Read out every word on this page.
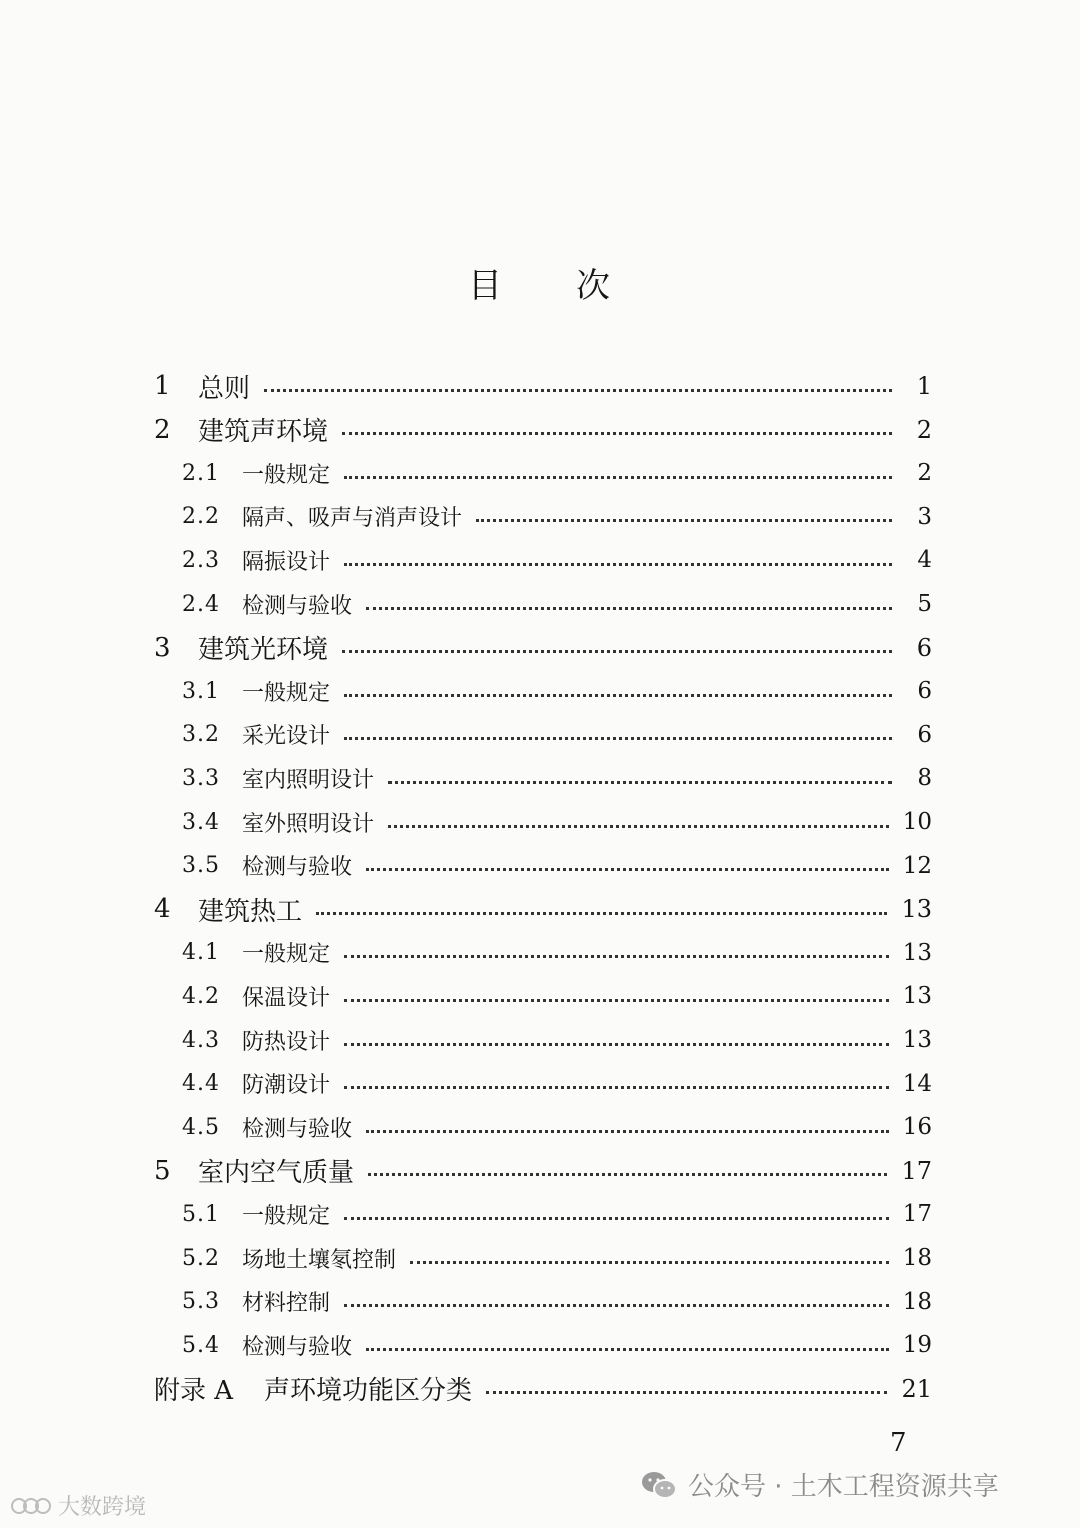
目 次
1	总则	1
2	建筑声环境	2
2.1	一般规定	2
2.2	隔声、吸声与消声设计	3
2.3	隔振设计	4
2.4	检测与验收	5
3	建筑光环境	6
3.1	一般规定	6
3.2	采光设计	6
3.3	室内照明设计	8
3.4	室外照明设计	10
3.5	检测与验收	12
4	建筑热工	13
4.1	一般规定	13
4.2	保温设计	13
4.3	防热设计	13
4.4	防潮设计	14
4.5	检测与验收	16
5	室内空气质量	17
5.1	一般规定	17
5.2	场地土壤氡控制	18
5.3	材料控制	18
5.4	检测与验收	19
附录 A	声环境功能区分类	21
7
公众号 · 土木工程资源共享
大数跨境
